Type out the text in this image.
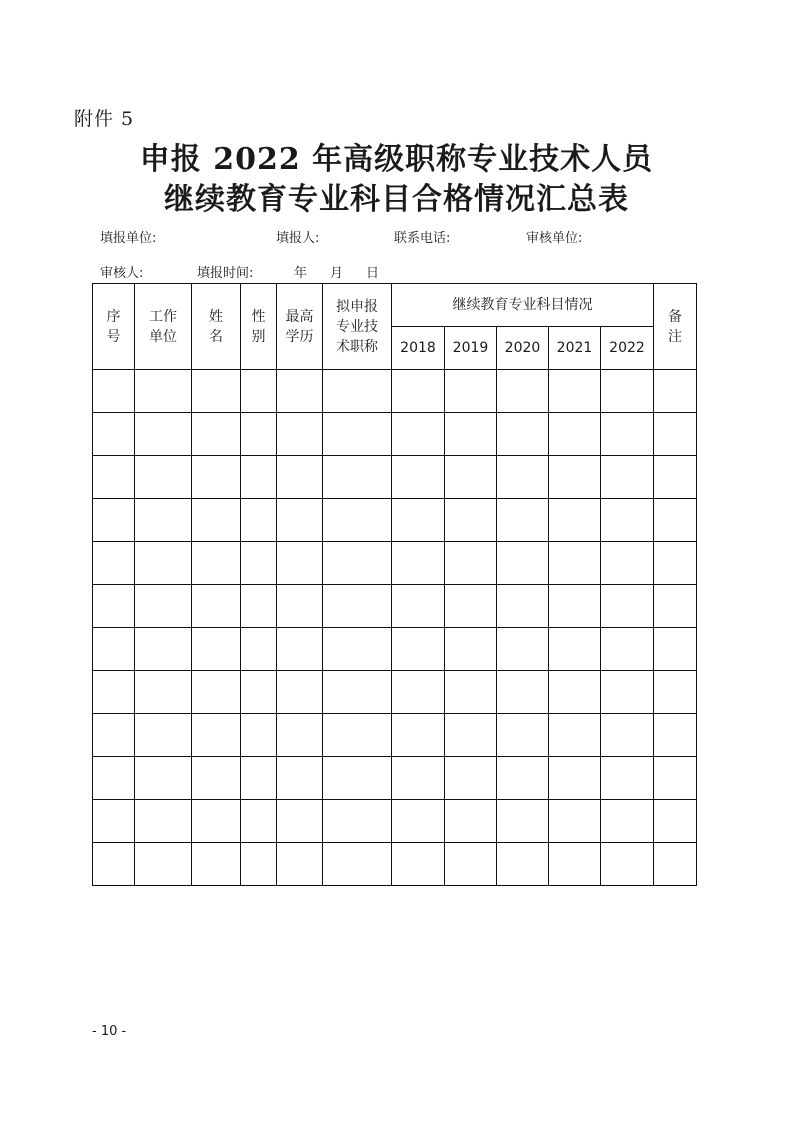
附件 5
申报 2022 年高级职称专业技术人员
继续教育专业科目合格情况汇总表
填报单位:	填报人:	联系电话:	审核单位:
审核人:	填报时间:	年 月 日
序号	工作单位	姓名	性别	最高学历	拟申报专业技术职称	继续教育专业科目情况					备注
						2018	2019	2020	2021	2022	

- 10 -
